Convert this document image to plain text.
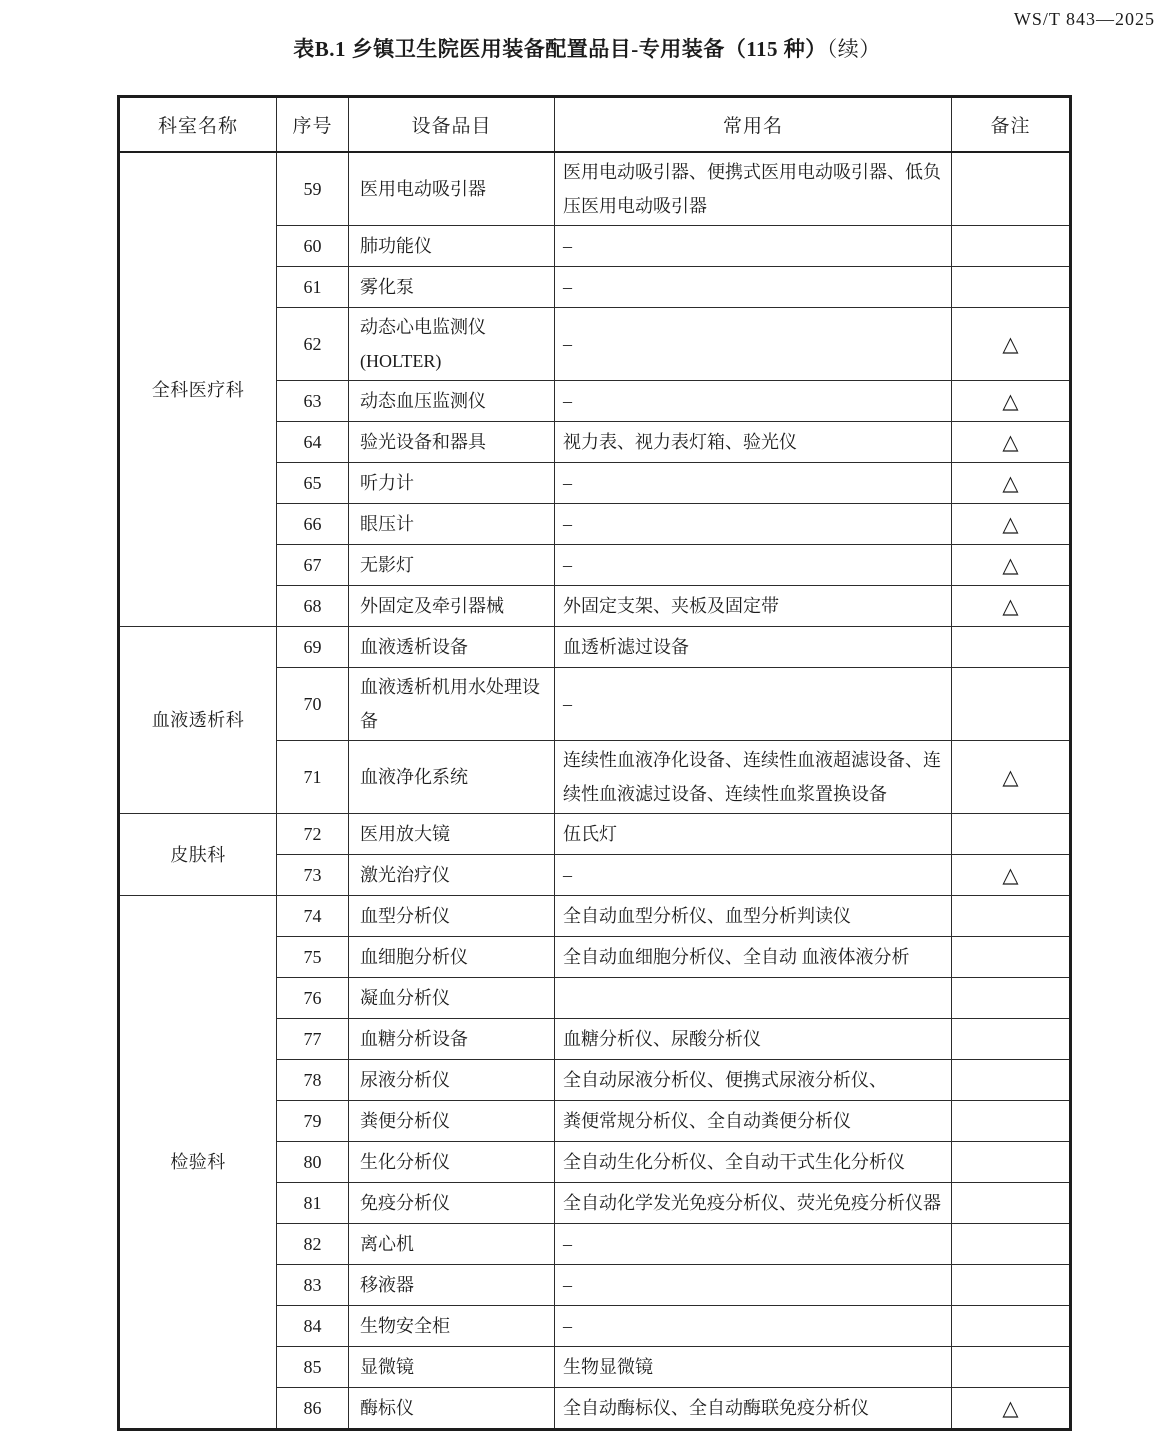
WS/T 843—2025
表B.1 乡镇卫生院医用装备配置品目-专用装备（115 种）（续）
科室名称	序号	设备品目	常用名	备注
全科医疗科	59	医用电动吸引器	医用电动吸引器、便携式医用电动吸引器、低负压医用电动吸引器	
	60	肺功能仪	–	
	61	雾化泵	–	
	62	动态心电监测仪(HOLTER)	–	△
	63	动态血压监测仪	–	△
	64	验光设备和器具	视力表、视力表灯箱、验光仪	△
	65	听力计	–	△
	66	眼压计	–	△
	67	无影灯	–	△
	68	外固定及牵引器械	外固定支架、夹板及固定带	△
血液透析科	69	血液透析设备	血透析滤过设备	
	70	血液透析机用水处理设备	–	
	71	血液净化系统	连续性血液净化设备、连续性血液超滤设备、连续性血液滤过设备、连续性血浆置换设备	△
皮肤科	72	医用放大镜	伍氏灯	
	73	激光治疗仪	–	△
检验科	74	血型分析仪	全自动血型分析仪、血型分析判读仪	
	75	血细胞分析仪	全自动血细胞分析仪、全自动 血液体液分析	
	76	凝血分析仪		
	77	血糖分析设备	血糖分析仪、尿酸分析仪	
	78	尿液分析仪	全自动尿液分析仪、便携式尿液分析仪、	
	79	粪便分析仪	粪便常规分析仪、全自动粪便分析仪	
	80	生化分析仪	全自动生化分析仪、全自动干式生化分析仪	
	81	免疫分析仪	全自动化学发光免疫分析仪、荧光免疫分析仪器	
	82	离心机	–	
	83	移液器	–	
	84	生物安全柜	–	
	85	显微镜	生物显微镜	
	86	酶标仪	全自动酶标仪、全自动酶联免疫分析仪	△
